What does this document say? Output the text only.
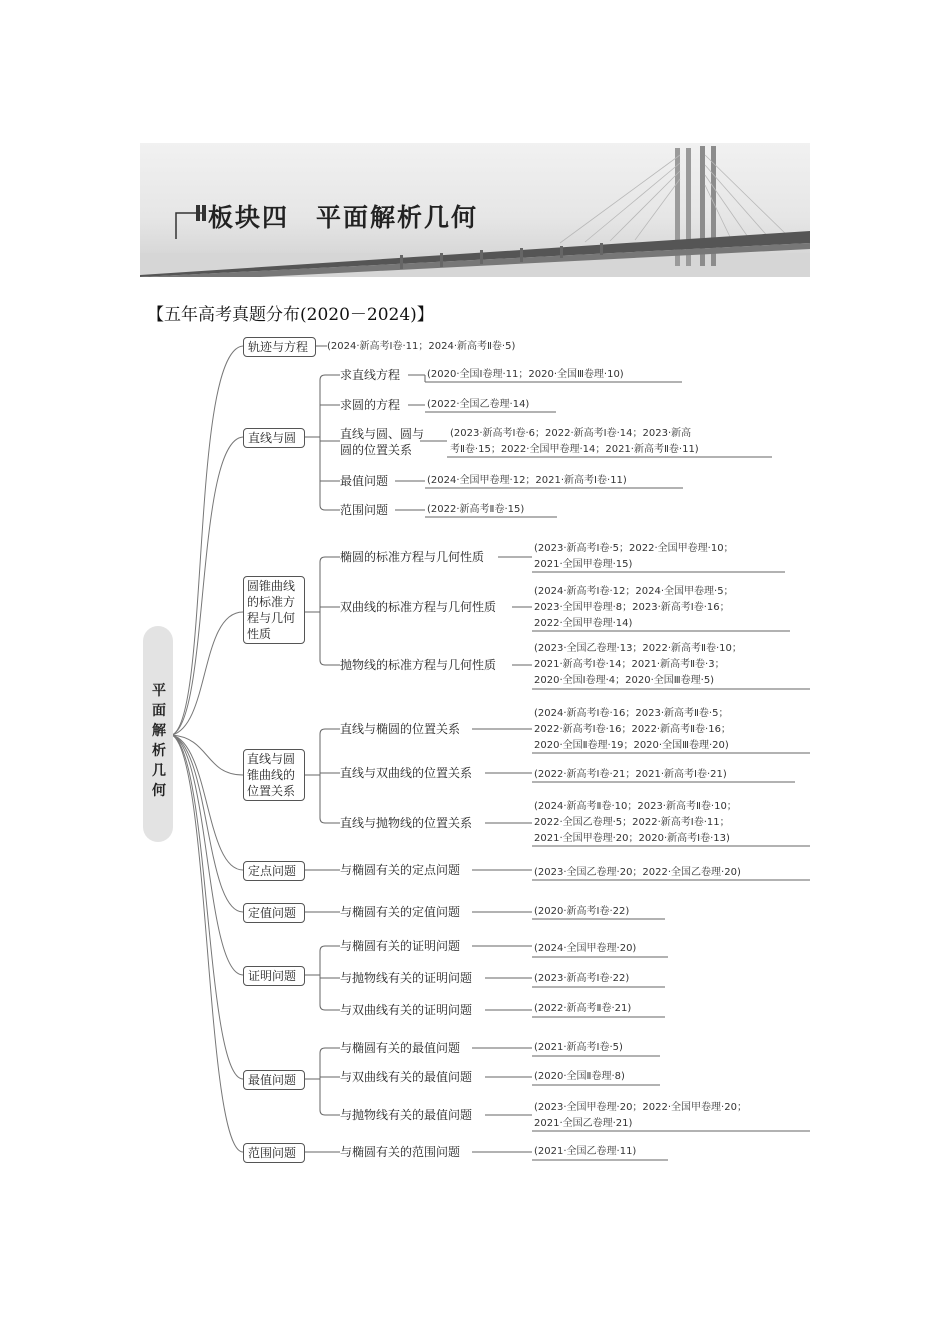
板块四　平面解析几何
【五年高考真题分布(2020－2024)】
平
面
解
析
几
何
轨迹与方程	(2024·新高考Ⅰ卷·11；2024·新高考Ⅱ卷·5)
直线与圆
求直线方程	(2020·全国Ⅰ卷理·11；2020·全国Ⅲ卷理·10)
求圆的方程	(2022·全国乙卷理·14)
直线与圆、圆与
圆的位置关系
(2023·新高考Ⅰ卷·6；2022·新高考Ⅰ卷·14；2023·新高
考Ⅱ卷·15；2022·全国甲卷理·14；2021·新高考Ⅱ卷·11)
最值问题	(2024·全国甲卷理·12；2021·新高考Ⅰ卷·11)
范围问题	(2022·新高考Ⅱ卷·15)
圆锥曲线
的标准方
程与几何
性质
椭圆的标准方程与几何性质
(2023·新高考Ⅰ卷·5；2022·全国甲卷理·10；
2021·全国甲卷理·15)
双曲线的标准方程与几何性质
(2024·新高考Ⅰ卷·12；2024·全国甲卷理·5；
2023·全国甲卷理·8；2023·新高考Ⅰ卷·16；
2022·全国甲卷理·14)
抛物线的标准方程与几何性质
(2023·全国乙卷理·13；2022·新高考Ⅱ卷·10；
2021·新高考Ⅰ卷·14；2021·新高考Ⅱ卷·3；
2020·全国Ⅰ卷理·4；2020·全国Ⅲ卷理·5)
直线与圆
锥曲线的
位置关系
直线与椭圆的位置关系
(2024·新高考Ⅰ卷·16；2023·新高考Ⅱ卷·5；
2022·新高考Ⅰ卷·16；2022·新高考Ⅱ卷·16；
2020·全国Ⅱ卷理·19；2020·全国Ⅲ卷理·20)
直线与双曲线的位置关系	(2022·新高考Ⅰ卷·21；2021·新高考Ⅰ卷·21)
直线与抛物线的位置关系
(2024·新高考Ⅱ卷·10；2023·新高考Ⅱ卷·10；
2022·全国乙卷理·5；2022·新高考Ⅰ卷·11；
2021·全国甲卷理·20；2020·新高考Ⅰ卷·13)
定点问题	与椭圆有关的定点问题	(2023·全国乙卷理·20；2022·全国乙卷理·20)
定值问题	与椭圆有关的定值问题	(2020·新高考Ⅰ卷·22)
证明问题
与椭圆有关的证明问题	(2024·全国甲卷理·20)
与抛物线有关的证明问题	(2023·新高考Ⅰ卷·22)
与双曲线有关的证明问题	(2022·新高考Ⅱ卷·21)
最值问题
与椭圆有关的最值问题	(2021·新高考Ⅰ卷·5)
与双曲线有关的最值问题	(2020·全国Ⅱ卷理·8)
与抛物线有关的最值问题
(2023·全国甲卷理·20；2022·全国甲卷理·20；
2021·全国乙卷理·21)
范围问题	与椭圆有关的范围问题	(2021·全国乙卷理·11)
